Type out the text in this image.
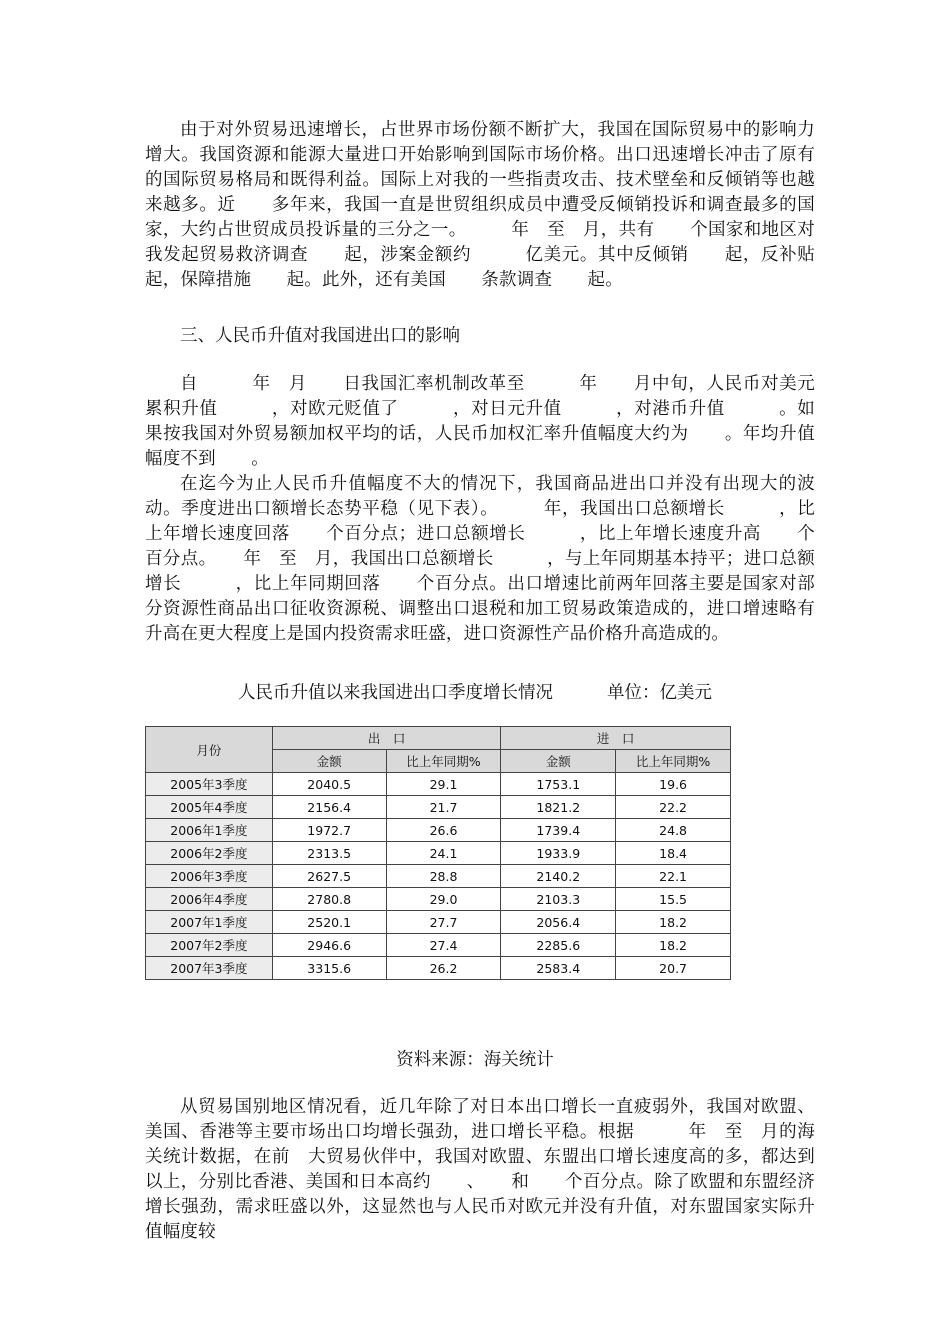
由于对外贸易迅速增长，占世界市场份额不断扩大，我国在国际贸易中的影响力增大。我国资源和能源大量进口开始影响到国际市场价格。出口迅速增长冲击了原有的国际贸易格局和既得利益。国际上对我的一些指责攻击、技术壁垒和反倾销等也越来越多。近　　多年来，我国一直是世贸组织成员中遭受反倾销投诉和调查最多的国家，大约占世贸成员投诉量的三分之一。　　　年　至　月，共有　　个国家和地区对我发起贸易救济调查　　起，涉案金额约　　　亿美元。其中反倾销　　起，反补贴　起，保障措施　　起。此外，还有美国　　条款调查　　起。

三、人民币升值对我国进出口的影响

自　　　年　月　　日我国汇率机制改革至　　　年　　月中旬，人民币对美元累积升值　　　，对欧元贬值了　　　，对日元升值　　　，对港币升值　　　。如果按我国对外贸易额加权平均的话，人民币加权汇率升值幅度大约为　　。年均升值幅度不到　　。

在迄今为止人民币升值幅度不大的情况下，我国商品进出口并没有出现大的波动。季度进出口额增长态势平稳（见下表）。　　　年，我国出口总额增长　　　，比上年增长速度回落　　个百分点；进口总额增长　　　，比上年增长速度升高　　个百分点。　　年　至　月，我国出口总额增长　　　，与上年同期基本持平；进口总额增长　　　，比上年同期回落　　个百分点。出口增速比前两年回落主要是国家对部分资源性商品出口征收资源税、调整出口退税和加工贸易政策造成的，进口增速略有升高在更大程度上是国内投资需求旺盛，进口资源性产品价格升高造成的。

人民币升值以来我国进出口季度增长情况	单位：亿美元
月份	出　口		进　口	
	金额	比上年同期%	金额	比上年同期%
2005年3季度	2040.5	29.1	1753.1	19.6
2005年4季度	2156.4	21.7	1821.2	22.2
2006年1季度	1972.7	26.6	1739.4	24.8
2006年2季度	2313.5	24.1	1933.9	18.4
2006年3季度	2627.5	28.8	2140.2	22.1
2006年4季度	2780.8	29.0	2103.3	15.5
2007年1季度	2520.1	27.7	2056.4	18.2
2007年2季度	2946.6	27.4	2285.6	18.2
2007年3季度	3315.6	26.2	2583.4	20.7
资料来源：海关统计

从贸易国别地区情况看，近几年除了对日本出口增长一直疲弱外，我国对欧盟、美国、香港等主要市场出口均增长强劲，进口增长平稳。根据　　　年　至　月的海关统计数据，在前　大贸易伙伴中，我国对欧盟、东盟出口增长速度高的多，都达到　　以上，分别比香港、美国和日本高约　　、　　和　　个百分点。除了欧盟和东盟经济增长强劲，需求旺盛以外，这显然也与人民币对欧元并没有升值，对东盟国家实际升值幅度较
